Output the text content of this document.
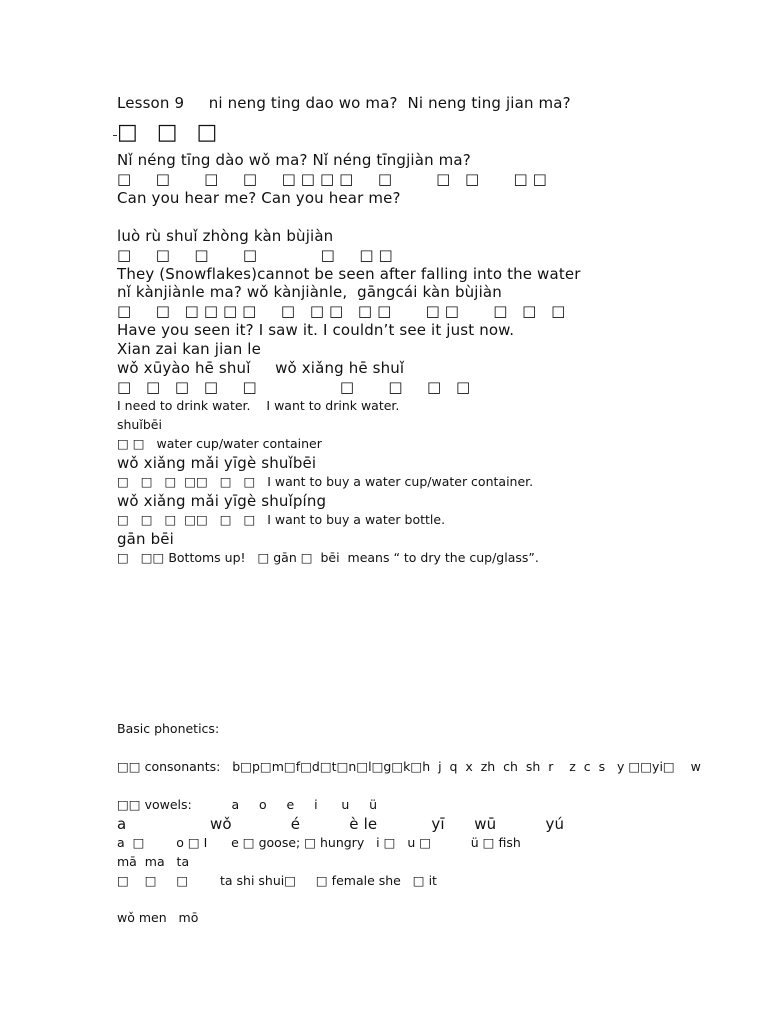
Lesson 9     ni neng ting dao wo ma?  Ni neng ting jian ma?
□ □ □
Nǐ néng tīng dào wǒ ma? Nǐ néng tīngjiàn ma?
□  □   □  □  □□□□  □    □ □   □□
Can you hear me? Can you hear me?
luò rù shuǐ zhòng kàn bùjiàn
□  □  □   □      □  □□
They (Snowflakes)cannot be seen after falling into the water
nǐ kànjiànle ma? wǒ kànjiànle,  gāngcái kàn bùjiàn
□  □ □□□□  □ □□ □□   □□   □ □ □
Have you seen it? I saw it. I couldn’t see it just now.
Xian zai kan jian le
wǒ xūyào hē shuǐ     wǒ xiǎng hē shuǐ
□ □ □ □  □        □   □  □ □
I need to drink water.    I want to drink water.
shuǐbēi
□ □   water cup/water container
wǒ xiǎng mǎi yīgè shuǐbēi
□   □   □  □□   □   □   I want to buy a water cup/water container.
wǒ xiǎng mǎi yīgè shuǐpíng
□   □   □  □□   □   □   I want to buy a water bottle.
gān bēi
□   □□ Bottoms up!   □ gān □  bēi  means “ to dry the cup/glass”.
Basic phonetics:
□□ consonants:   b□p□m□f□d□t□n□l□g□k□h  j  q  x  zh  ch  sh  r    z  c  s   y □□yi□    w
□□ vowels:          a     o     e     i      u     ü
a                 wǒ            é          è le           yī      wū          yú
a  □        o □ I      e □ goose; □ hungry   i □   u □          ü □ fish
mā  ma   ta
□    □     □        ta shi shui□     □ female she   □ it
wǒ men   mō
